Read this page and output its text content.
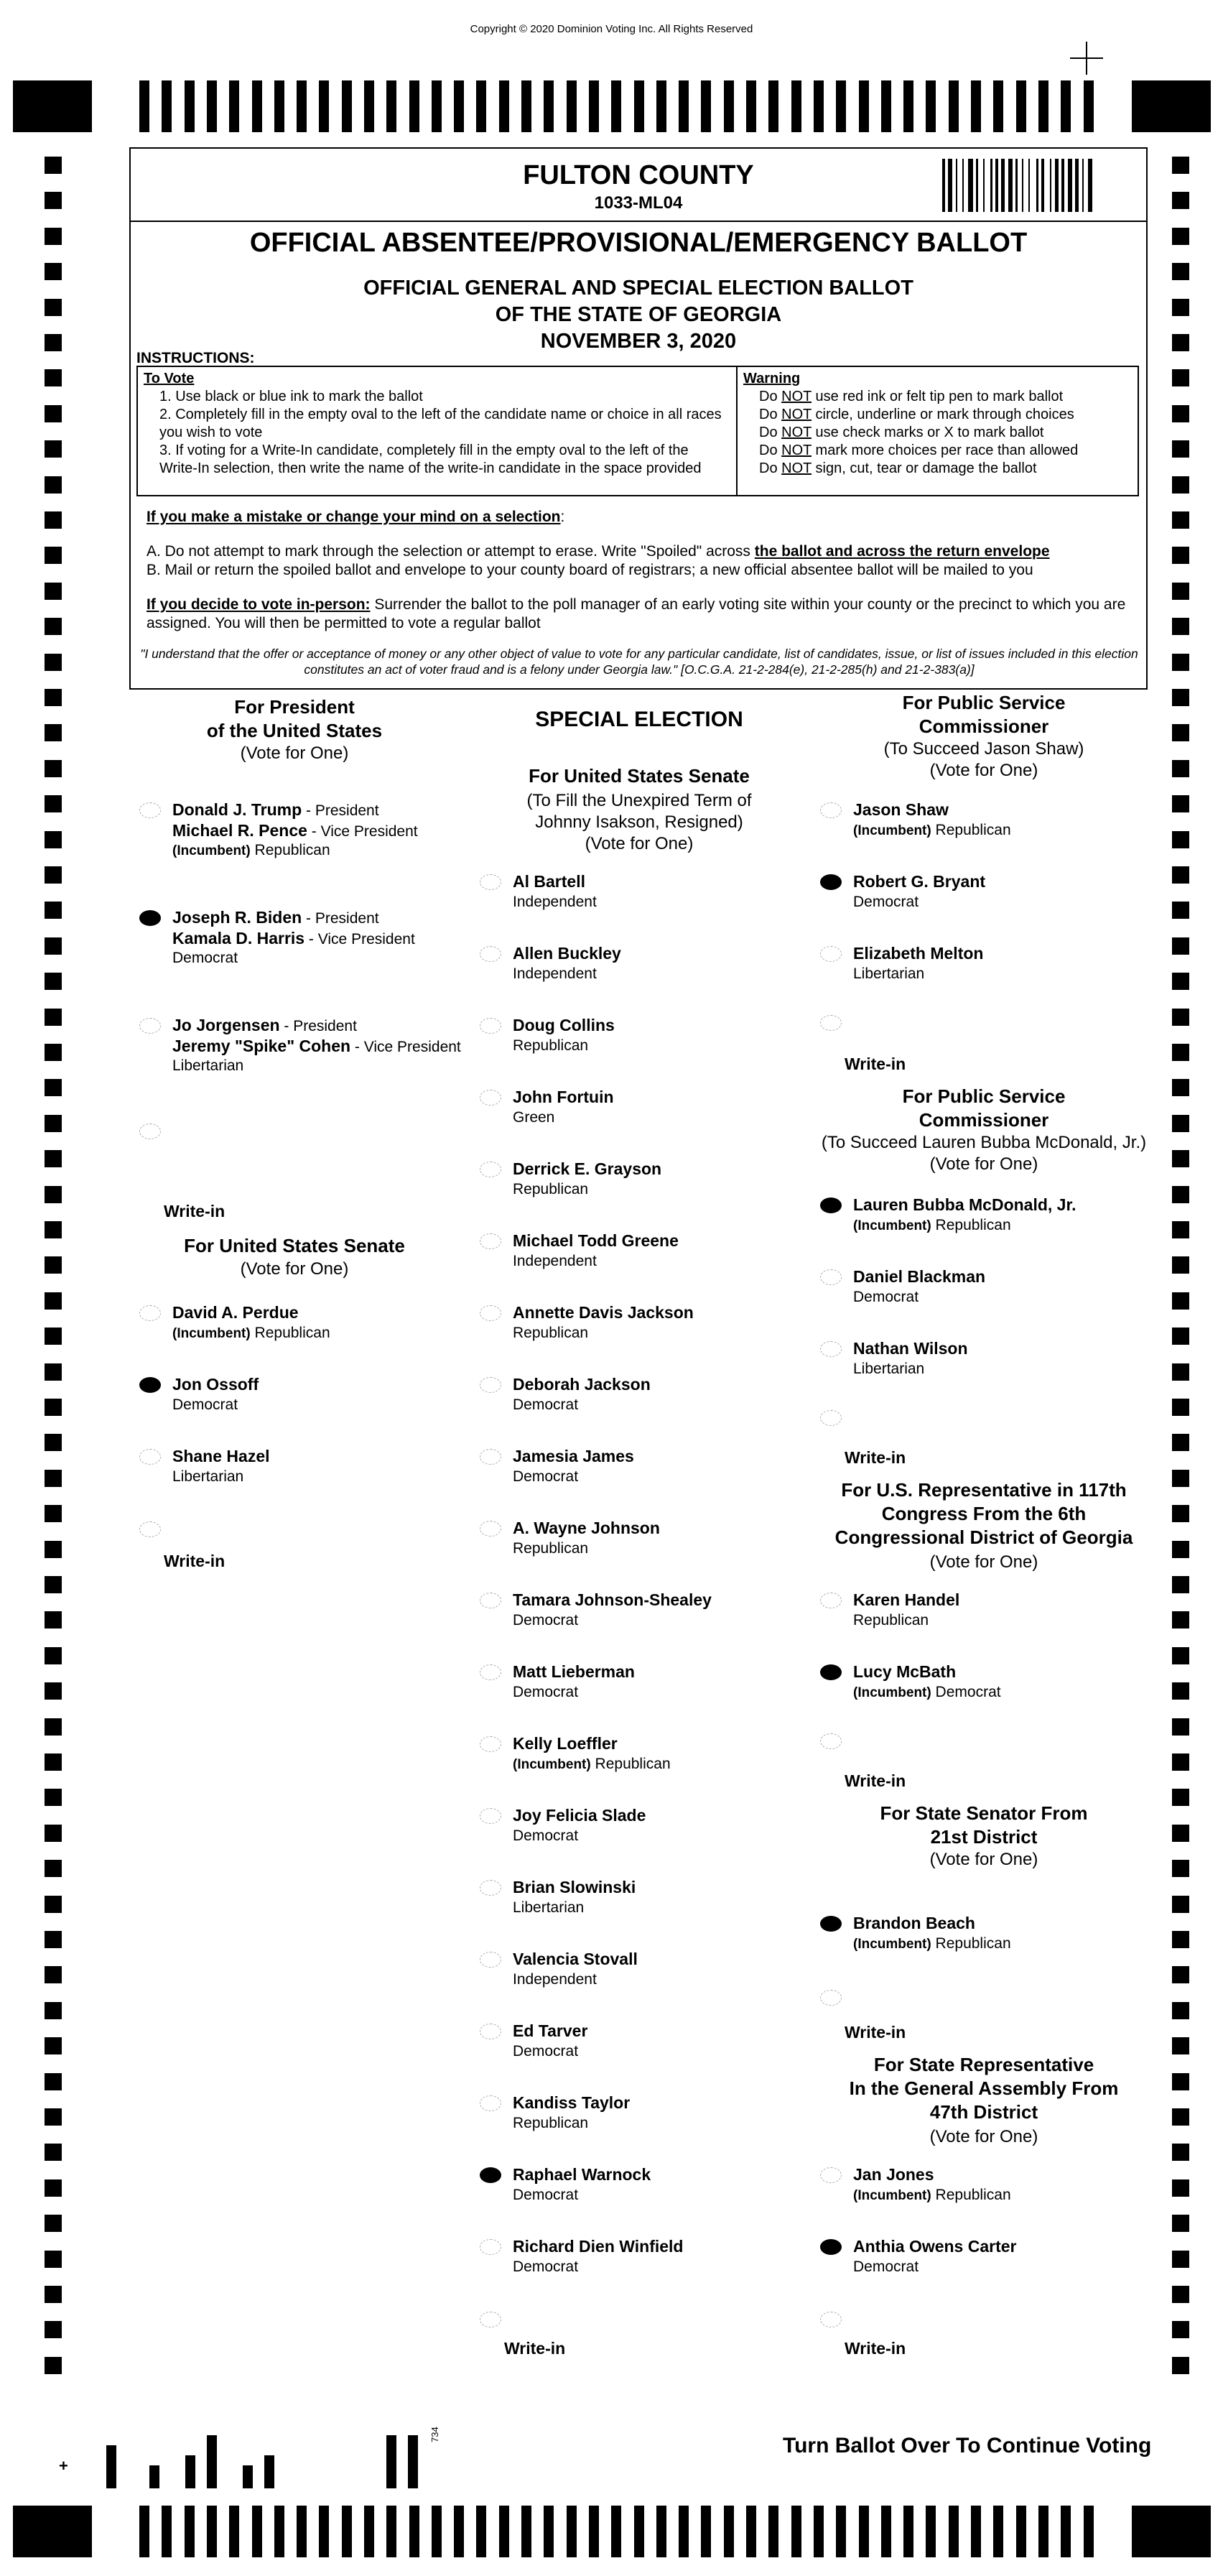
Copyright © 2020 Dominion Voting Inc. All Rights Reserved
FULTON COUNTY
1033-ML04
OFFICIAL ABSENTEE/PROVISIONAL/EMERGENCY BALLOT
OFFICIAL GENERAL AND SPECIAL ELECTION BALLOT
OF THE STATE OF GEORGIA
NOVEMBER 3, 2020
INSTRUCTIONS:
To Vote
1. Use black or blue ink to mark the ballot
2. Completely fill in the empty oval to the left of the candidate name or choice in all races you wish to vote
3. If voting for a Write-In candidate, completely fill in the empty oval to the left of the Write-In selection, then write the name of the write-in candidate in the space provided
Warning
Do NOT use red ink or felt tip pen to mark ballot
Do NOT circle, underline or mark through choices
Do NOT use check marks or X to mark ballot
Do NOT mark more choices per race than allowed
Do NOT sign, cut, tear or damage the ballot

If you make a mistake or change your mind on a selection:

A. Do not attempt to mark through the selection or attempt to erase. Write "Spoiled" across the ballot and across the return envelope

B. Mail or return the spoiled ballot and envelope to your county board of registrars; a new official absentee ballot will be mailed to you

If you decide to vote in-person: Surrender the ballot to the poll manager of an early voting site within your county or the precinct to which you are assigned. You will then be permitted to vote a regular ballot

"I understand that the offer or acceptance of money or any other object of value to vote for any particular candidate, list of candidates, issue, or list of issues included in this election constitutes an act of voter fraud and is a felony under Georgia law." [O.C.G.A. 21-2-284(e), 21-2-285(h) and 21-2-383(a)]
For President
of the United States
(Vote for One)
Donald J. Trump - President
Michael R. Pence - Vice President
(Incumbent) Republican
Joseph R. Biden - President
Kamala D. Harris - Vice President
Democrat
Jo Jorgensen - President
Jeremy "Spike" Cohen - Vice President
Libertarian
Write-in
For United States Senate
(Vote for One)
David A. Perdue
(Incumbent) Republican
Jon Ossoff
Democrat
Shane Hazel
Libertarian
Write-in
SPECIAL ELECTION
For United States Senate
(To Fill the Unexpired Term of
Johnny Isakson, Resigned)
(Vote for One)
Al Bartell
Independent
Allen Buckley
Independent
Doug Collins
Republican
John Fortuin
Green
Derrick E. Grayson
Republican
Michael Todd Greene
Independent
Annette Davis Jackson
Republican
Deborah Jackson
Democrat
Jamesia James
Democrat
A. Wayne Johnson
Republican
Tamara Johnson-Shealey
Democrat
Matt Lieberman
Democrat
Kelly Loeffler
(Incumbent) Republican
Joy Felicia Slade
Democrat
Brian Slowinski
Libertarian
Valencia Stovall
Independent
Ed Tarver
Democrat
Kandiss Taylor
Republican
Raphael Warnock
Democrat
Richard Dien Winfield
Democrat
Write-in
For Public Service
Commissioner
(To Succeed Jason Shaw)
(Vote for One)
Jason Shaw
(Incumbent) Republican
Robert G. Bryant
Democrat
Elizabeth Melton
Libertarian
Write-in
For Public Service
Commissioner
(To Succeed Lauren Bubba McDonald, Jr.)
(Vote for One)
Lauren Bubba McDonald, Jr.
(Incumbent) Republican
Daniel Blackman
Democrat
Nathan Wilson
Libertarian
Write-in
For U.S. Representative in 117th
Congress From the 6th
Congressional District of Georgia
(Vote for One)
Karen Handel
Republican
Lucy McBath
(Incumbent) Democrat
Write-in
For State Senator From
21st District
(Vote for One)
Brandon Beach
(Incumbent) Republican
Write-in
For State Representative
In the General Assembly From
47th District
(Vote for One)
Jan Jones
(Incumbent) Republican
Anthia Owens Carter
Democrat
Write-in
+
734	Turn Ballot Over To Continue Voting
